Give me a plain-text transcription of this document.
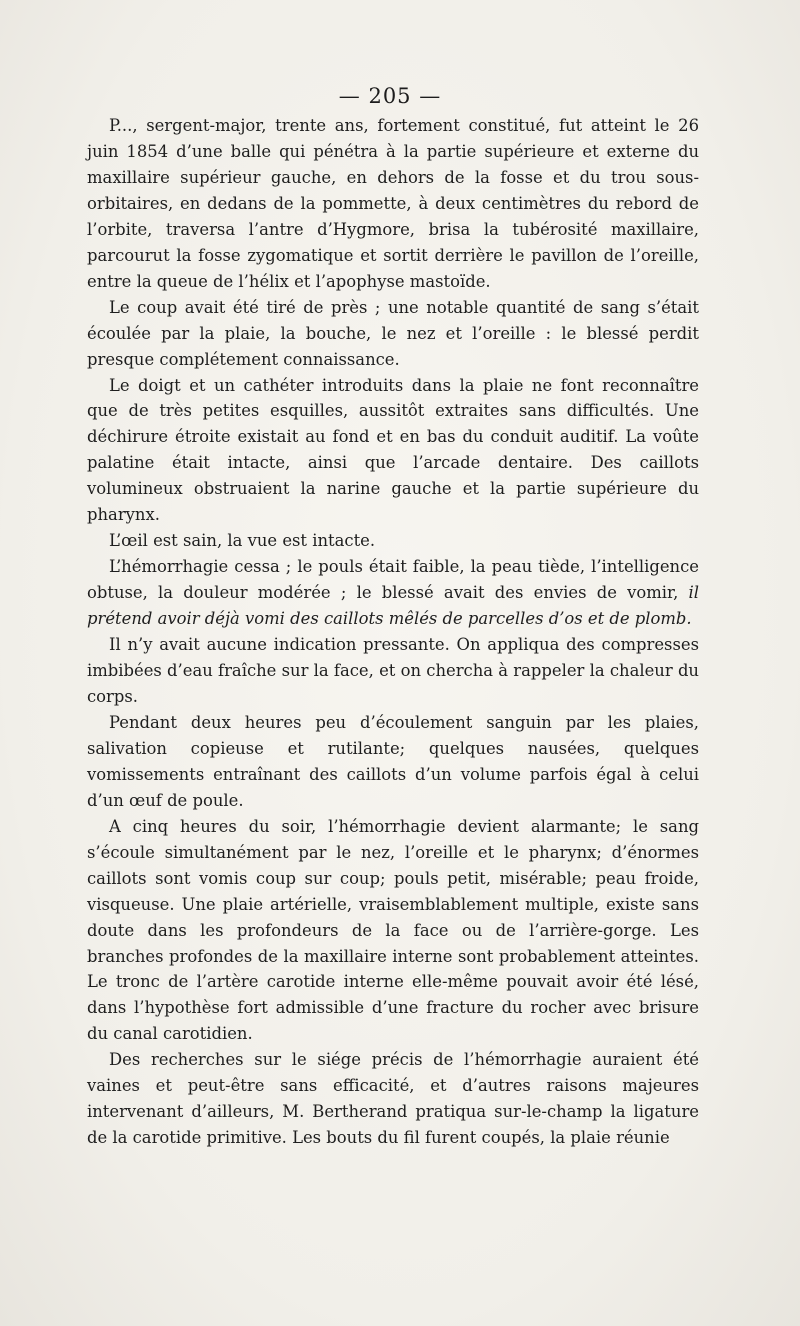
— 205 —

P..., sergent-major, trente ans, fortement constitué, fut atteint le 26 juin 1854 d’une balle qui pénétra à la partie supérieure et externe du maxillaire supérieur gauche, en dehors de la fosse et du trou sous-orbitaires, en dedans de la pommette, à deux centimètres du rebord de l’orbite, traversa l’antre d’Hygmore, brisa la tubérosité maxillaire, parcourut la fosse zygomatique et sortit derrière le pavillon de l’oreille, entre la queue de l’hélix et l’apophyse mastoïde.

Le coup avait été tiré de près ; une notable quantité de sang s’était écoulée par la plaie, la bouche, le nez et l’oreille : le blessé perdit presque complétement connaissance.

Le doigt et un cathéter introduits dans la plaie ne font reconnaître que de très petites esquilles, aussitôt extraites sans difficultés. Une déchirure étroite existait au fond et en bas du conduit auditif. La voûte palatine était intacte, ainsi que l’arcade dentaire. Des caillots volumineux obstruaient la narine gauche et la partie supérieure du pharynx.

L’œil est sain, la vue est intacte.

L’hémorrhagie cessa ; le pouls était faible, la peau tiède, l’intelligence obtuse, la douleur modérée ; le blessé avait des envies de vomir, il prétend avoir déjà vomi des caillots mêlés de parcelles d’os et de plomb.

Il n’y avait aucune indication pressante. On appliqua des compresses imbibées d’eau fraîche sur la face, et on chercha à rappeler la chaleur du corps.

Pendant deux heures peu d’écoulement sanguin par les plaies, salivation copieuse et rutilante; quelques nausées, quelques vomissements entraînant des caillots d’un volume parfois égal à celui d’un œuf de poule.

A cinq heures du soir, l’hémorrhagie devient alarmante; le sang s’écoule simultanément par le nez, l’oreille et le pharynx; d’énormes caillots sont vomis coup sur coup; pouls petit, misérable; peau froide, visqueuse. Une plaie artérielle, vraisemblablement multiple, existe sans doute dans les profondeurs de la face ou de l’arrière-gorge. Les branches profondes de la maxillaire interne sont probablement atteintes. Le tronc de l’artère carotide interne elle-même pouvait avoir été lésé, dans l’hypothèse fort admissible d’une fracture du rocher avec brisure du canal carotidien.

Des recherches sur le siége précis de l’hémorrhagie auraient été vaines et peut-être sans efficacité, et d’autres raisons majeures intervenant d’ailleurs, M. Bertherand pratiqua sur-le-champ la ligature de la carotide primitive. Les bouts du fil furent coupés, la plaie réunie
